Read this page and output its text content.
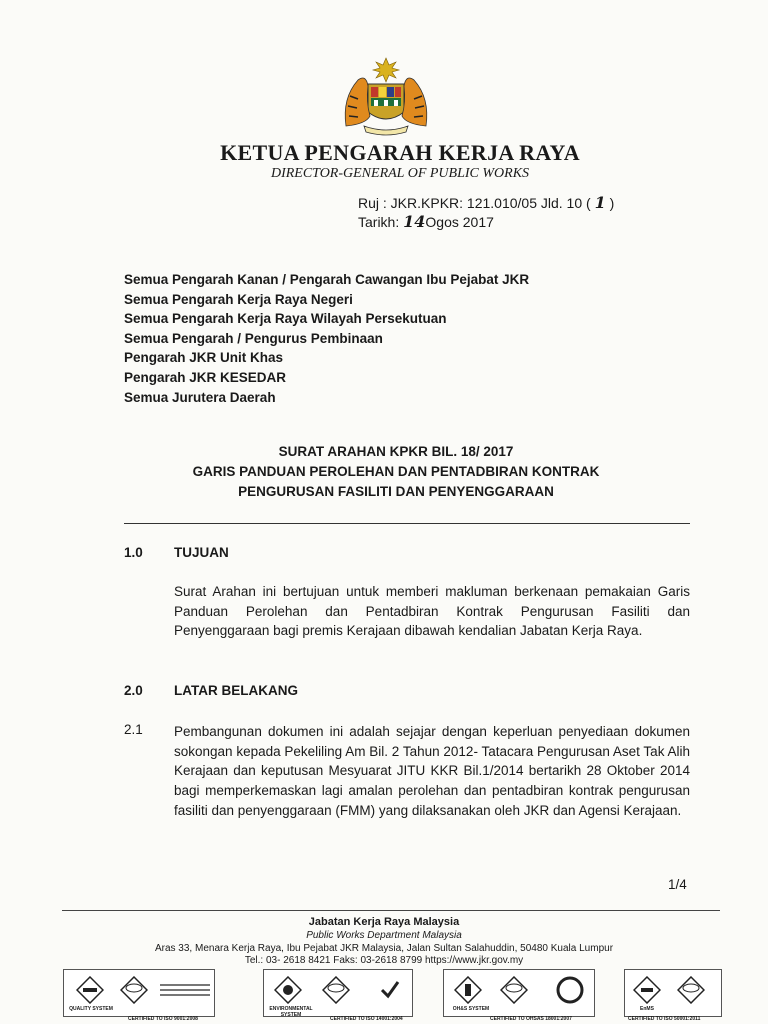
KETUA PENGARAH KERJA RAYA
DIRECTOR-GENERAL OF PUBLIC WORKS
Ruj : JKR.KPKR: 121.010/05 Jld. 10 ( 1 )
Tarikh: 14Ogos 2017
Semua Pengarah Kanan / Pengarah Cawangan Ibu Pejabat JKR
Semua Pengarah Kerja Raya Negeri
Semua Pengarah Kerja Raya Wilayah Persekutuan
Semua Pengarah / Pengurus Pembinaan
Pengarah JKR Unit Khas
Pengarah JKR KESEDAR
Semua Jurutera Daerah
SURAT ARAHAN KPKR BIL. 18/ 2017
GARIS PANDUAN PEROLEHAN DAN PENTADBIRAN KONTRAK
PENGURUSAN FASILITI DAN PENYENGGARAAN
1.0 TUJUAN
Surat Arahan ini bertujuan untuk memberi makluman berkenaan pemakaian Garis Panduan Perolehan dan Pentadbiran Kontrak Pengurusan Fasiliti dan Penyenggaraan bagi premis Kerajaan dibawah kendalian Jabatan Kerja Raya.
2.0 LATAR BELAKANG
2.1 Pembangunan dokumen ini adalah sejajar dengan keperluan penyediaan dokumen sokongan kepada Pekeliling Am Bil. 2 Tahun 2012- Tatacara Pengurusan Aset Tak Alih Kerajaan dan keputusan Mesyuarat JITU KKR Bil.1/2014 bertarikh 28 Oktober 2014 bagi memperkemaskan lagi amalan perolehan dan pentadbiran kontrak pengurusan fasiliti dan penyenggaraan (FMM) yang dilaksanakan oleh JKR dan Agensi Kerajaan.
1/4
Jabatan Kerja Raya Malaysia
Public Works Department Malaysia
Aras 33, Menara Kerja Raya, Ibu Pejabat JKR Malaysia, Jalan Sultan Salahuddin, 50480 Kuala Lumpur
Tel.: 03- 2618 8421 Faks: 03-2618 8799 https://www.jkr.gov.my
QUALITY SYSTEM
CERTIFIED TO ISO 9001:2008
ENVIRONMENTAL SYSTEM
CERTIFIED TO ISO 14001:2004
OH&S SYSTEM
CERTIFIED TO OHSAS 18001:2007
EnMS
CERTIFIED TO ISO 50001:2011
